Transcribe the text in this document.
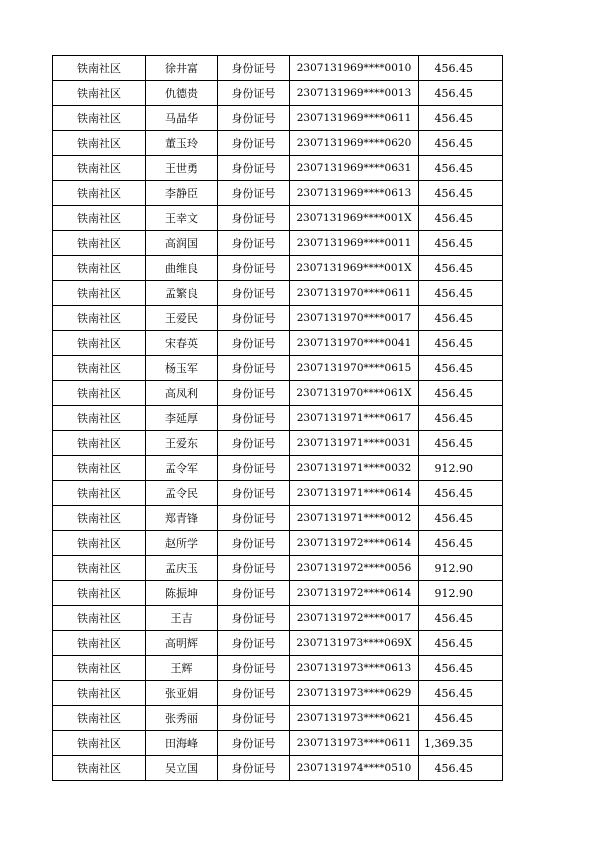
铁南社区	徐井富	身份证号	2307131969****0010	456.45
铁南社区	仇德贵	身份证号	2307131969****0013	456.45
铁南社区	马晶华	身份证号	2307131969****0611	456.45
铁南社区	董玉玲	身份证号	2307131969****0620	456.45
铁南社区	王世勇	身份证号	2307131969****0631	456.45
铁南社区	李静臣	身份证号	2307131969****0613	456.45
铁南社区	王幸文	身份证号	2307131969****001X	456.45
铁南社区	高润国	身份证号	2307131969****0011	456.45
铁南社区	曲维良	身份证号	2307131969****001X	456.45
铁南社区	孟繁良	身份证号	2307131970****0611	456.45
铁南社区	王爱民	身份证号	2307131970****0017	456.45
铁南社区	宋春英	身份证号	2307131970****0041	456.45
铁南社区	杨玉军	身份证号	2307131970****0615	456.45
铁南社区	高凤利	身份证号	2307131970****061X	456.45
铁南社区	李延厚	身份证号	2307131971****0617	456.45
铁南社区	王爱东	身份证号	2307131971****0031	456.45
铁南社区	孟令军	身份证号	2307131971****0032	912.90
铁南社区	孟令民	身份证号	2307131971****0614	456.45
铁南社区	郑青锋	身份证号	2307131971****0012	456.45
铁南社区	赵所学	身份证号	2307131972****0614	456.45
铁南社区	孟庆玉	身份证号	2307131972****0056	912.90
铁南社区	陈振坤	身份证号	2307131972****0614	912.90
铁南社区	王吉	身份证号	2307131972****0017	456.45
铁南社区	高明辉	身份证号	2307131973****069X	456.45
铁南社区	王辉	身份证号	2307131973****0613	456.45
铁南社区	张亚娟	身份证号	2307131973****0629	456.45
铁南社区	张秀丽	身份证号	2307131973****0621	456.45
铁南社区	田海峰	身份证号	2307131973****0611	1,369.35
铁南社区	吴立国	身份证号	2307131974****0510	456.45
